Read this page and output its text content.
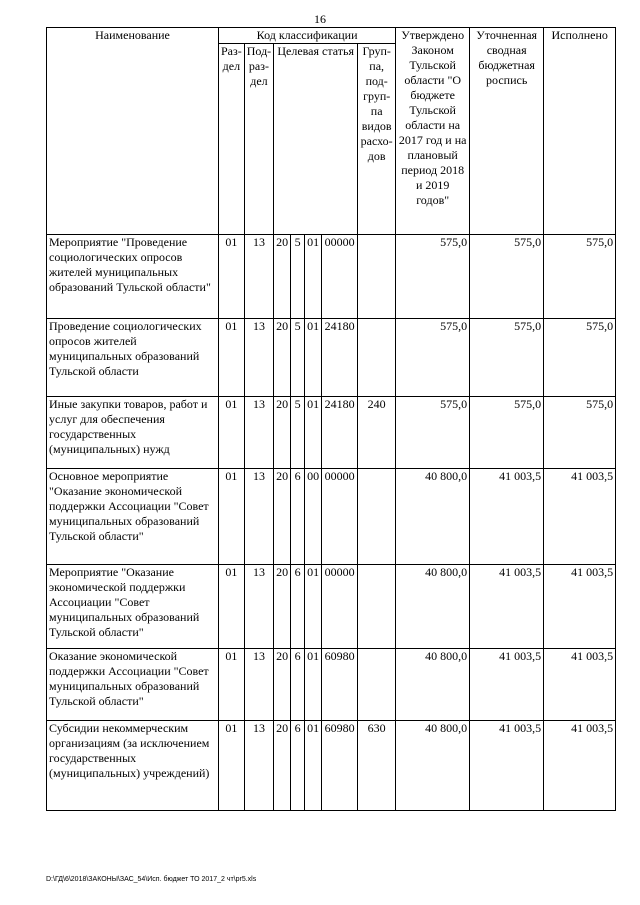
16
Наименование	Код классификации							Утверждено Законом Тульской области "О бюджете Тульской области на 2017 год и на плановый период 2018 и 2019 годов"	Уточненная сводная бюджетная роспись	Исполнено
	Раз-дел	Под-раз-дел	Целевая статья				Груп-па, под-груп-па видов расхо-дов			
Мероприятие "Проведение социологических опросов жителей муниципальных образований Тульской области"	01	13	20	5	01	00000		575,0	575,0	575,0
Проведение социологических опросов жителей муниципальных образований Тульской области	01	13	20	5	01	24180		575,0	575,0	575,0
Иные закупки товаров, работ и услуг для обеспечения государственных (муниципальных) нужд	01	13	20	5	01	24180	240	575,0	575,0	575,0
Основное мероприятие "Оказание экономической поддержки Ассоциации "Совет муниципальных образований Тульской области"	01	13	20	6	00	00000		40 800,0	41 003,5	41 003,5
Мероприятие "Оказание экономической поддержки Ассоциации "Совет муниципальных образований Тульской области"	01	13	20	6	01	00000		40 800,0	41 003,5	41 003,5
Оказание экономической поддержки Ассоциации "Совет муниципальных образований Тульской области"	01	13	20	6	01	60980		40 800,0	41 003,5	41 003,5
Субсидии некоммерческим организациям (за исключением государственных (муниципальных) учреждений)	01	13	20	6	01	60980	630	40 800,0	41 003,5	41 003,5
D:\ГД\6\2018\ЗАКОНЫ\ЗАС_54\Исп. бюджет ТО 2017_2 чт\pr5.xls
